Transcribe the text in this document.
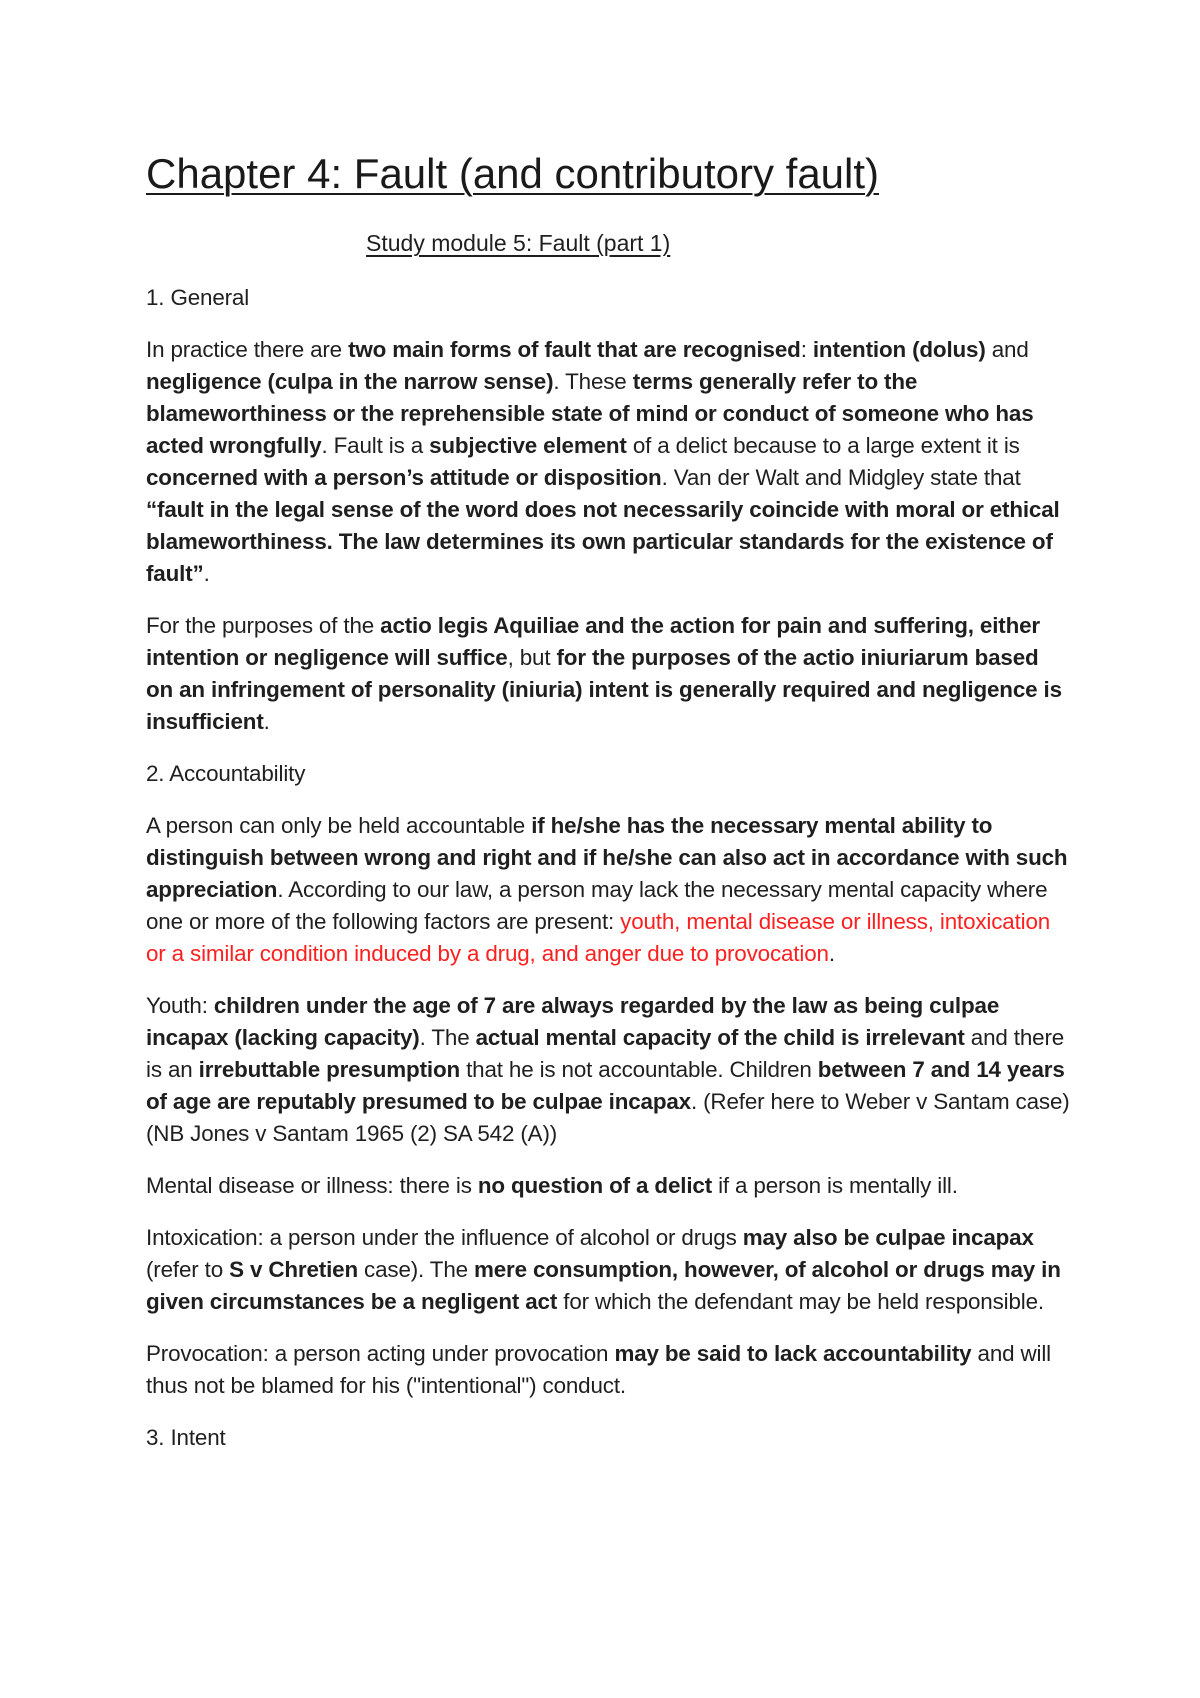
Chapter 4: Fault (and contributory fault)
Study module 5: Fault (part 1)

1. General

In practice there are two main forms of fault that are recognised: intention (dolus) and negligence (culpa in the narrow sense). These terms generally refer to the blameworthiness or the reprehensible state of mind or conduct of someone who has acted wrongfully. Fault is a subjective element of a delict because to a large extent it is concerned with a person’s attitude or disposition. Van der Walt and Midgley state that “fault in the legal sense of the word does not necessarily coincide with moral or ethical blameworthiness. The law determines its own particular standards for the existence of fault”.

For the purposes of the actio legis Aquiliae and the action for pain and suffering, either intention or negligence will suffice, but for the purposes of the actio iniuriarum based on an infringement of personality (iniuria) intent is generally required and negligence is insufficient.

2. Accountability

A person can only be held accountable if he/she has the necessary mental ability to distinguish between wrong and right and if he/she can also act in accordance with such appreciation. According to our law, a person may lack the necessary mental capacity where one or more of the following factors are present: youth, mental disease or illness, intoxication or a similar condition induced by a drug, and anger due to provocation.

Youth: children under the age of 7 are always regarded by the law as being culpae incapax (lacking capacity). The actual mental capacity of the child is irrelevant and there is an irrebuttable presumption that he is not accountable. Children between 7 and 14 years of age are reputably presumed to be culpae incapax. (Refer here to Weber v Santam case) (NB Jones v Santam 1965 (2) SA 542 (A))

Mental disease or illness: there is no question of a delict if a person is mentally ill.

Intoxication: a person under the influence of alcohol or drugs may also be culpae incapax (refer to S v Chretien case). The mere consumption, however, of alcohol or drugs may in given circumstances be a negligent act for which the defendant may be held responsible.

Provocation: a person acting under provocation may be said to lack accountability and will thus not be blamed for his ("intentional") conduct.

3. Intent
